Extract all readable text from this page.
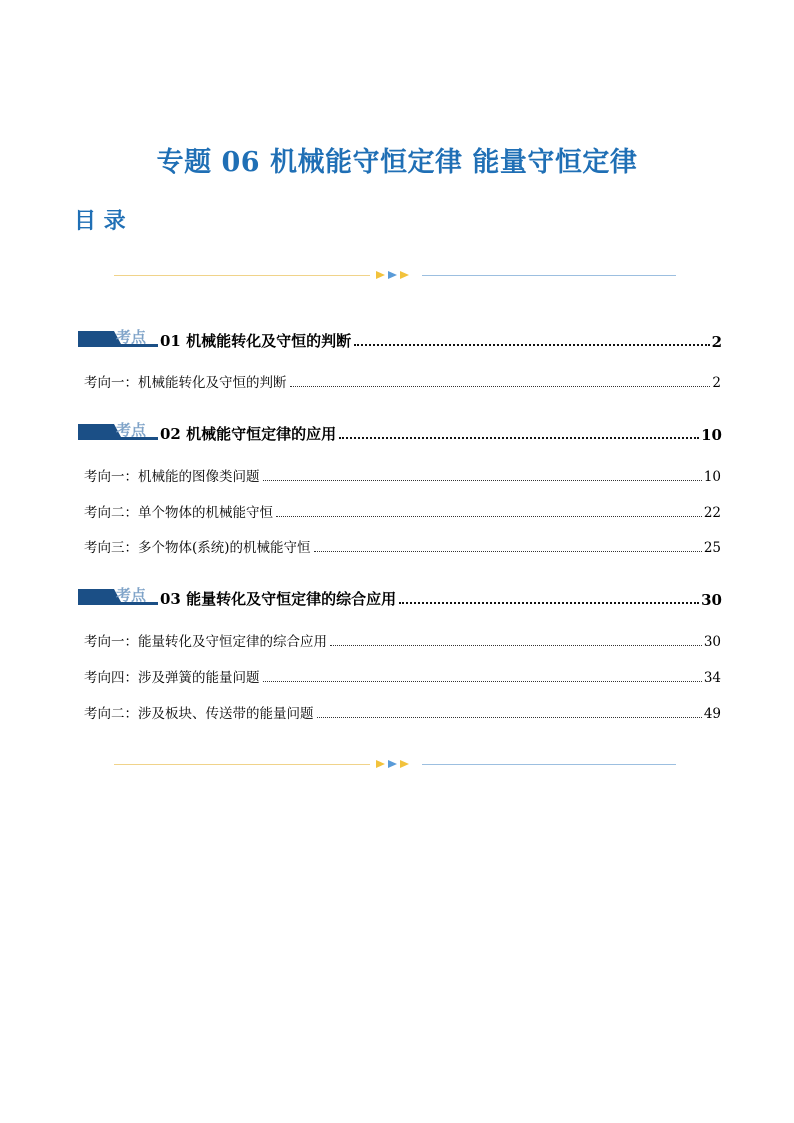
专题 06 机械能守恒定律 能量守恒定律
目 录
考点 01 机械能转化及守恒的判断	2
考向一：机械能转化及守恒的判断	2
考点 02 机械能守恒定律的应用	10
考向一：机械能的图像类问题	10
考向二：单个物体的机械能守恒	22
考向三：多个物体(系统)的机械能守恒	25
考点 03 能量转化及守恒定律的综合应用	30
考向一：能量转化及守恒定律的综合应用	30
考向四：涉及弹簧的能量问题	34
考向二：涉及板块、传送带的能量问题	49
